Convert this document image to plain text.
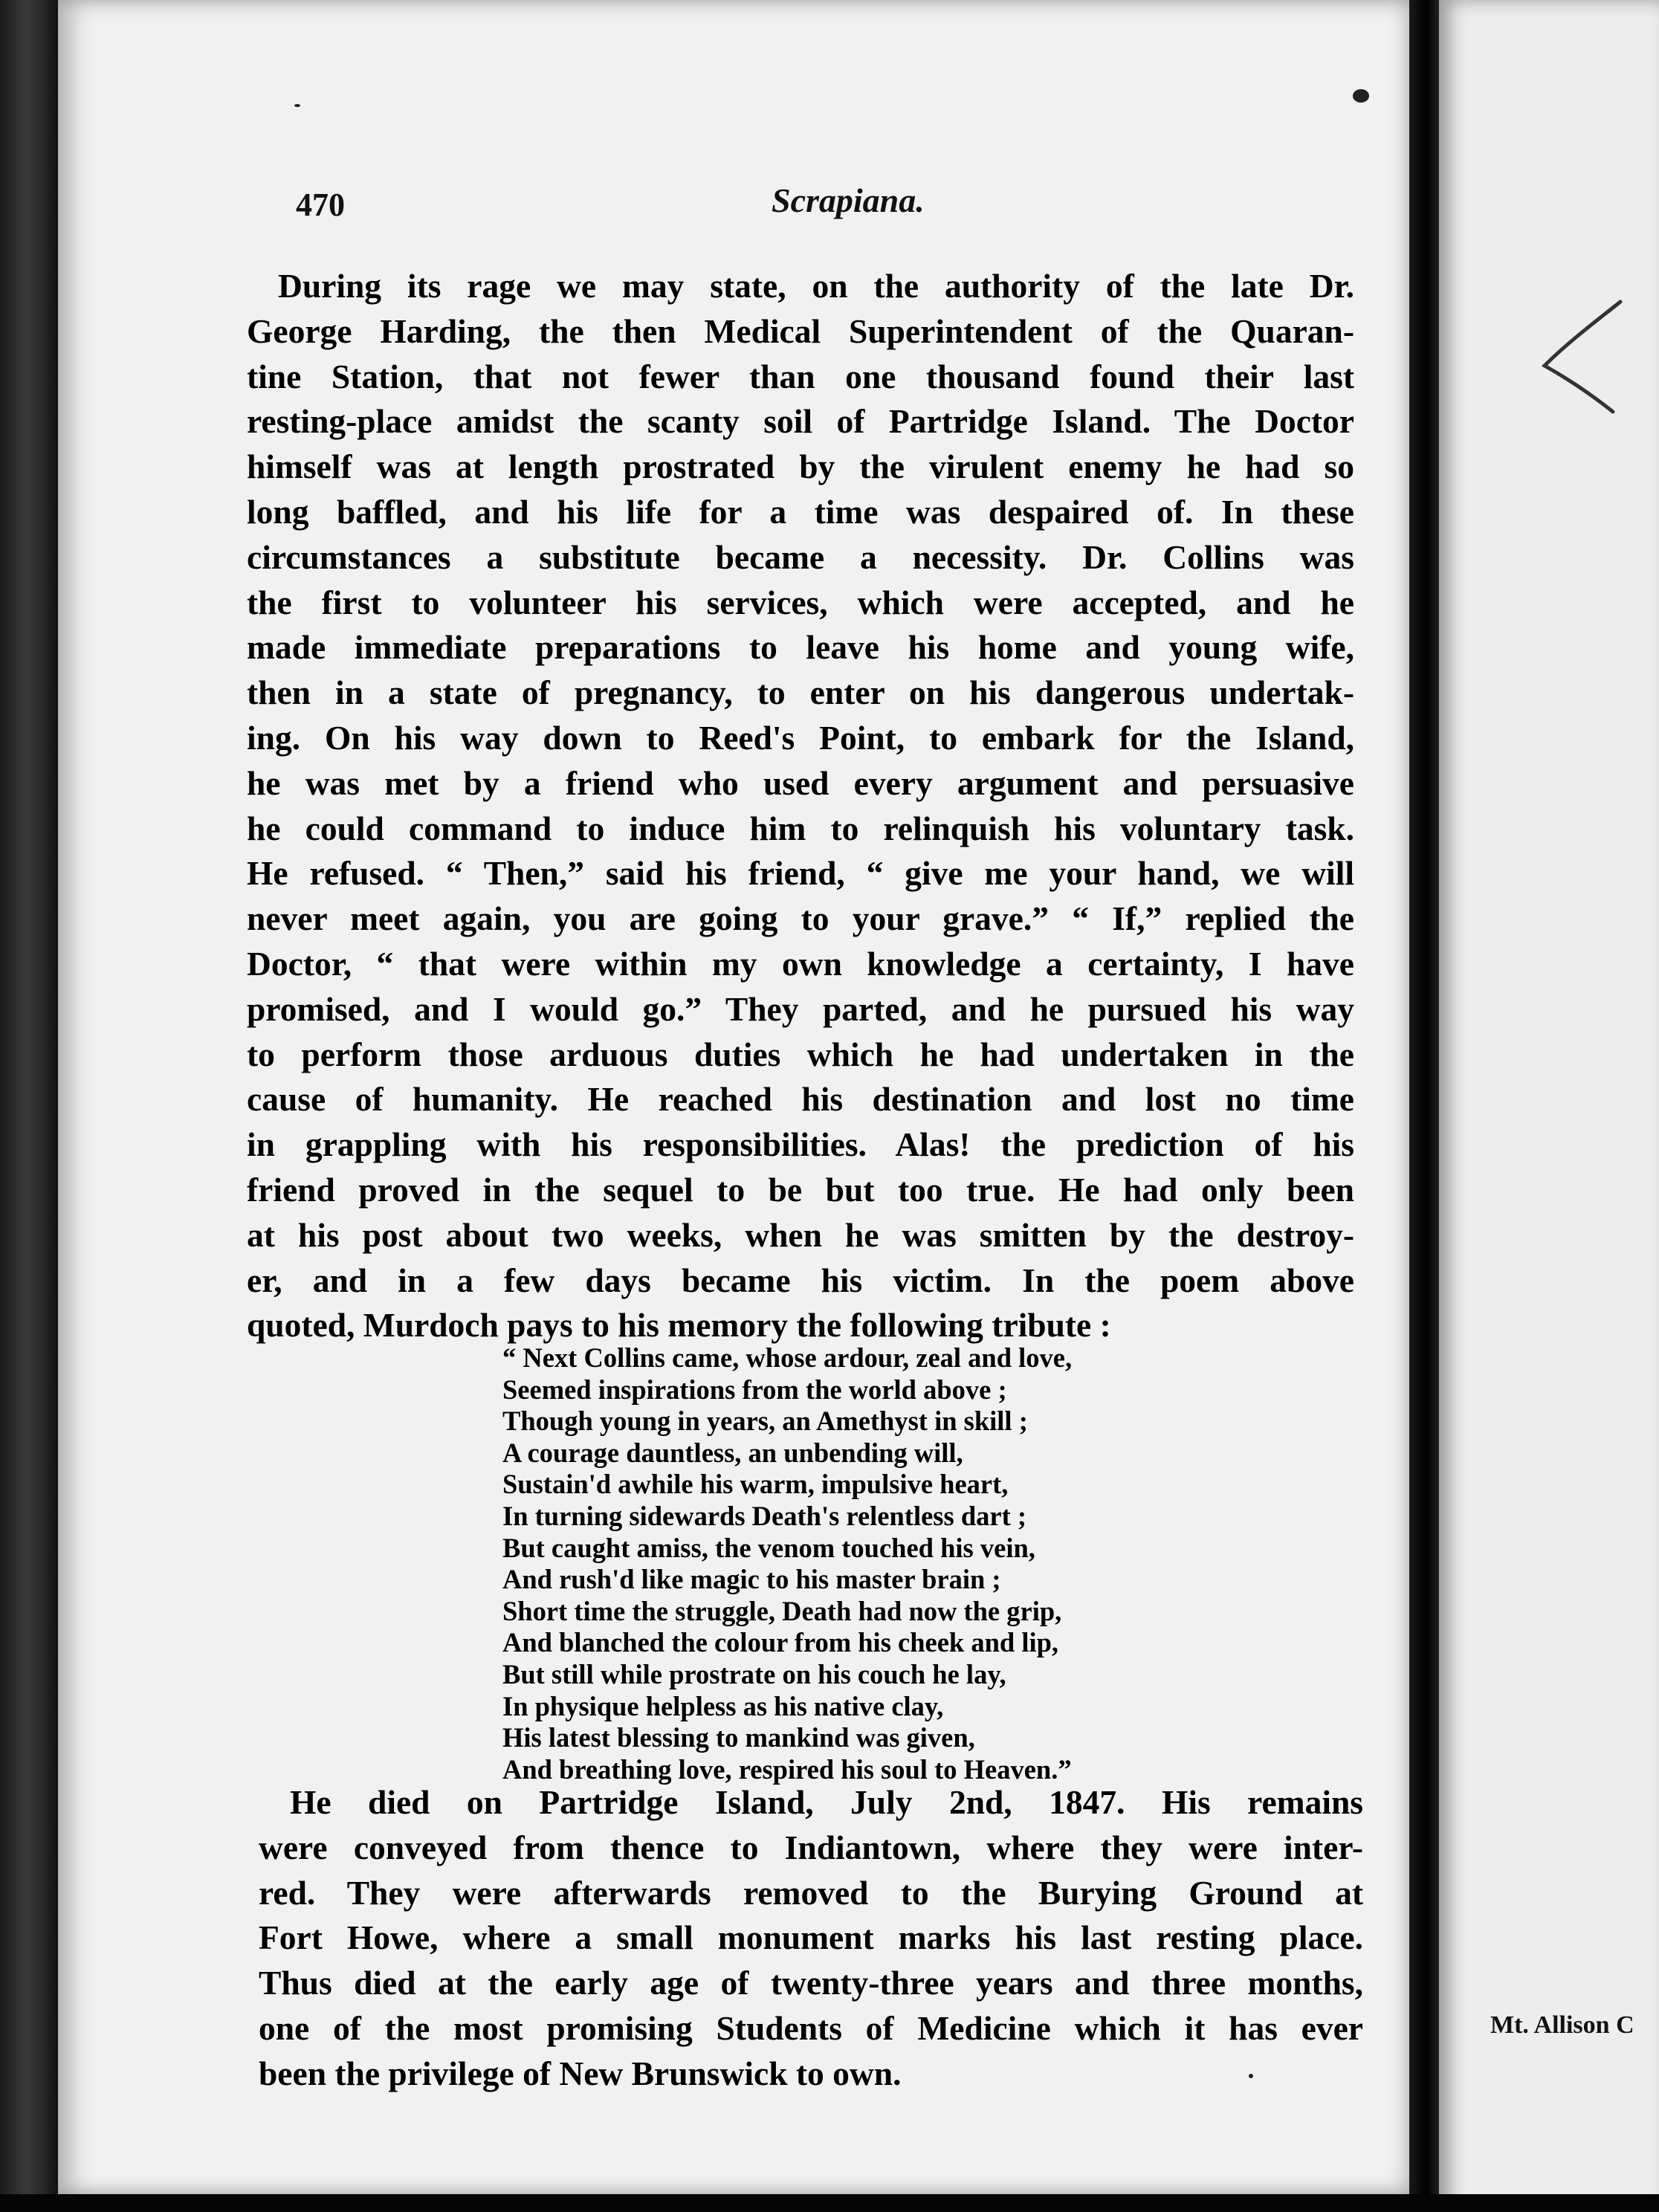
470	Scrapiana.
During its rage we may state, on the authority of the late Dr.
George Harding, the then Medical Superintendent of the Quaran-
tine Station, that not fewer than one thousand found their last
resting-place amidst the scanty soil of Partridge Island. The Doctor
himself was at length prostrated by the virulent enemy he had so
long baffled, and his life for a time was despaired of. In these
circumstances a substitute became a necessity. Dr. Collins was
the first to volunteer his services, which were accepted, and he
made immediate preparations to leave his home and young wife,
then in a state of pregnancy, to enter on his dangerous undertak-
ing. On his way down to Reed's Point, to embark for the Island,
he was met by a friend who used every argument and persuasive
he could command to induce him to relinquish his voluntary task.
He refused. “ Then,” said his friend, “ give me your hand, we will
never meet again, you are going to your grave.” “ If,” replied the
Doctor, “ that were within my own knowledge a certainty, I have
promised, and I would go.” They parted, and he pursued his way
to perform those arduous duties which he had undertaken in the
cause of humanity. He reached his destination and lost no time
in grappling with his responsibilities. Alas! the prediction of his
friend proved in the sequel to be but too true. He had only been
at his post about two weeks, when he was smitten by the destroy-
er, and in a few days became his victim. In the poem above
quoted, Murdoch pays to his memory the following tribute :
“ Next Collins came, whose ardour, zeal and love,
Seemed inspirations from the world above ;
Though young in years, an Amethyst in skill ;
A courage dauntless, an unbending will,
Sustain'd awhile his warm, impulsive heart,
In turning sidewards Death's relentless dart ;
But caught amiss, the venom touched his vein,
And rush'd like magic to his master brain ;
Short time the struggle, Death had now the grip,
And blanched the colour from his cheek and lip,
But still while prostrate on his couch he lay,
In physique helpless as his native clay,
His latest blessing to mankind was given,
And breathing love, respired his soul to Heaven.”
He died on Partridge Island, July 2nd, 1847. His remains
were conveyed from thence to Indiantown, where they were inter-
red. They were afterwards removed to the Burying Ground at
Fort Howe, where a small monument marks his last resting place.
Thus died at the early age of twenty-three years and three months,
one of the most promising Students of Medicine which it has ever
been the privilege of New Brunswick to own.
Mt. Allison C
